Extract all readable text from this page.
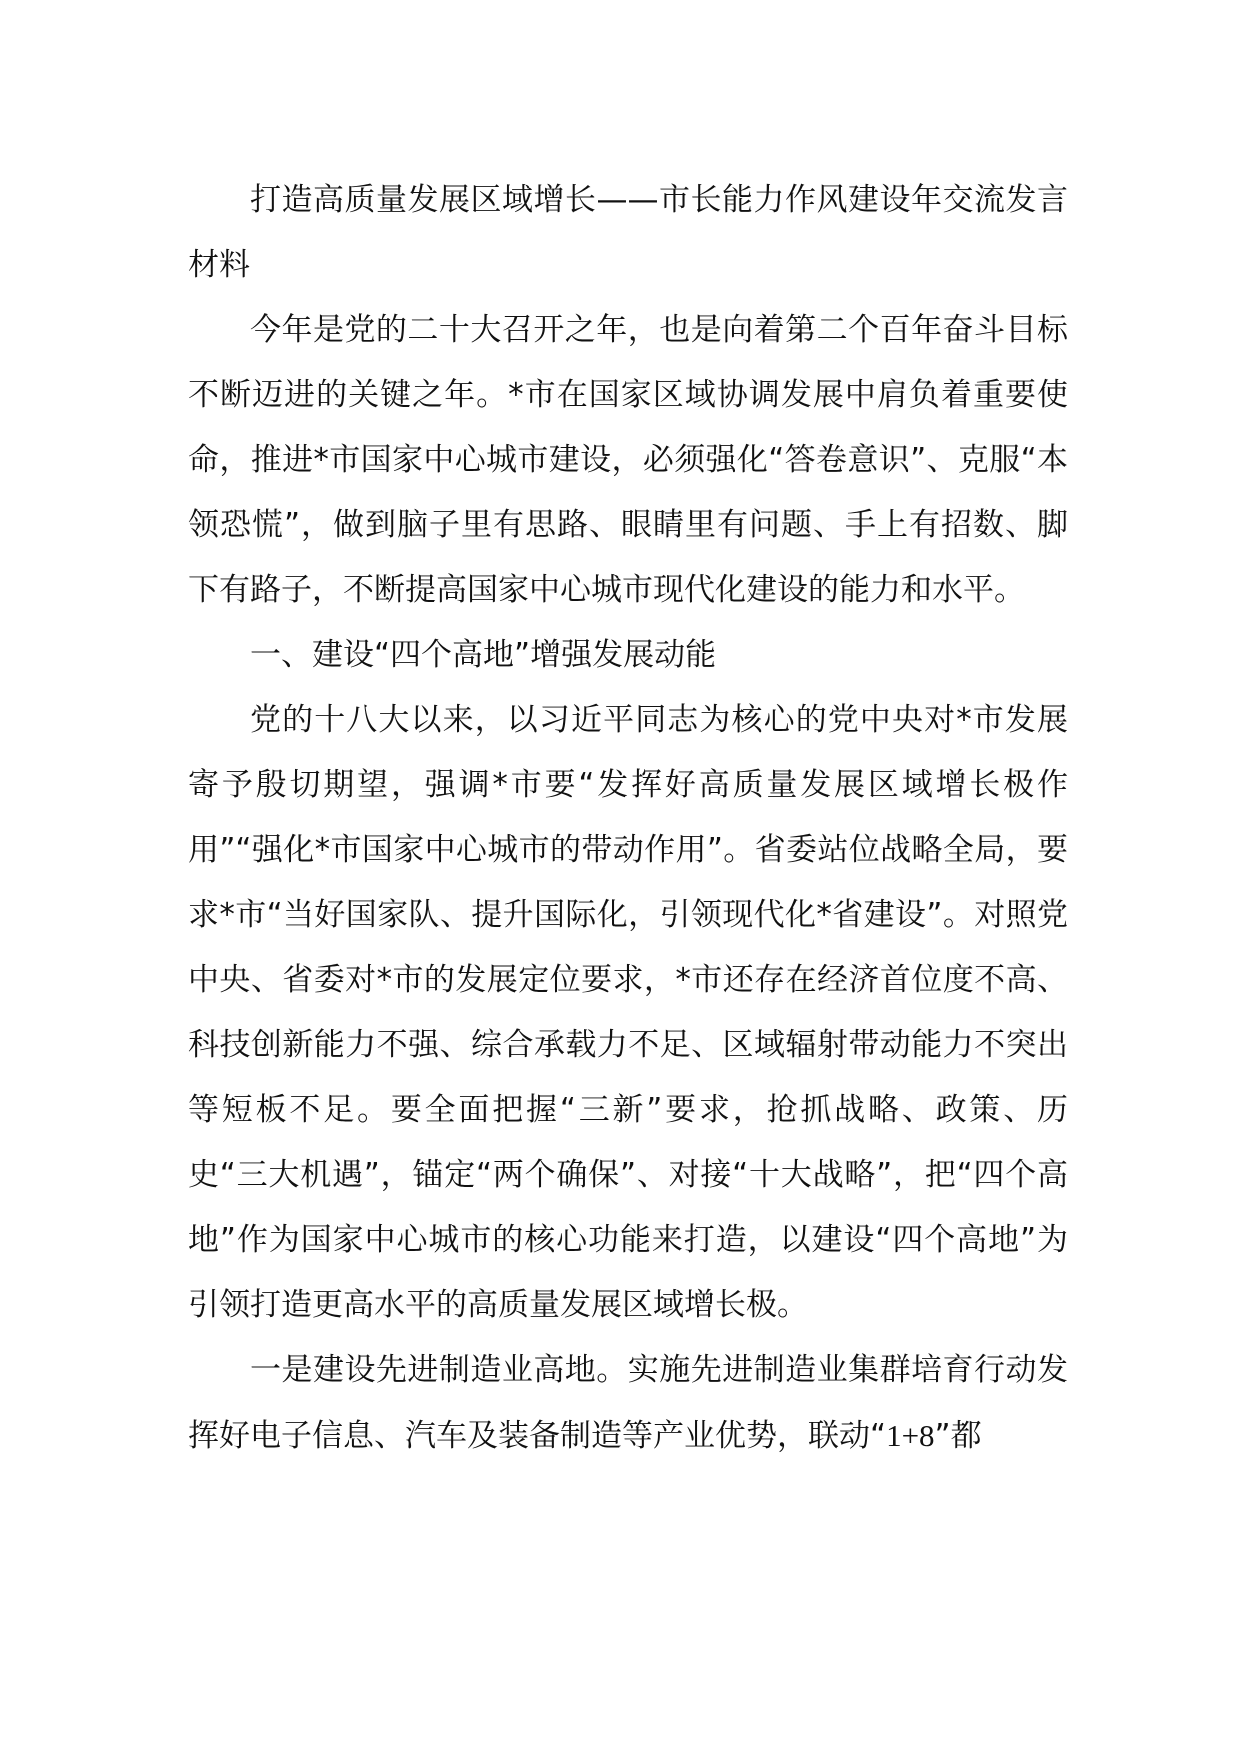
打造高质量发展区域增长——市长能力作风建设年交流发言材料

今年是党的二十大召开之年，也是向着第二个百年奋斗目标不断迈进的关键之年。*市在国家区域协调发展中肩负着重要使命，推进*市国家中心城市建设，必须强化“答卷意识”、克服“本领恐慌”，做到脑子里有思路、眼睛里有问题、手上有招数、脚下有路子，不断提高国家中心城市现代化建设的能力和水平。

一、建设“四个高地”增强发展动能

党的十八大以来，以习近平同志为核心的党中央对*市发展寄予殷切期望，强调*市要“发挥好高质量发展区域增长极作用”“强化*市国家中心城市的带动作用”。省委站位战略全局，要求*市“当好国家队、提升国际化，引领现代化*省建设”。对照党中央、省委对*市的发展定位要求，*市还存在经济首位度不高、科技创新能力不强、综合承载力不足、区域辐射带动能力不突出等短板不足。要全面把握“三新”要求，抢抓战略、政策、历史“三大机遇”，锚定“两个确保”、对接“十大战略”，把“四个高地”作为国家中心城市的核心功能来打造，以建设“四个高地”为引领打造更高水平的高质量发展区域增长极。

一是建设先进制造业高地。实施先进制造业集群培育行动发挥好电子信息、汽车及装备制造等产业优势，联动“1+8”都
